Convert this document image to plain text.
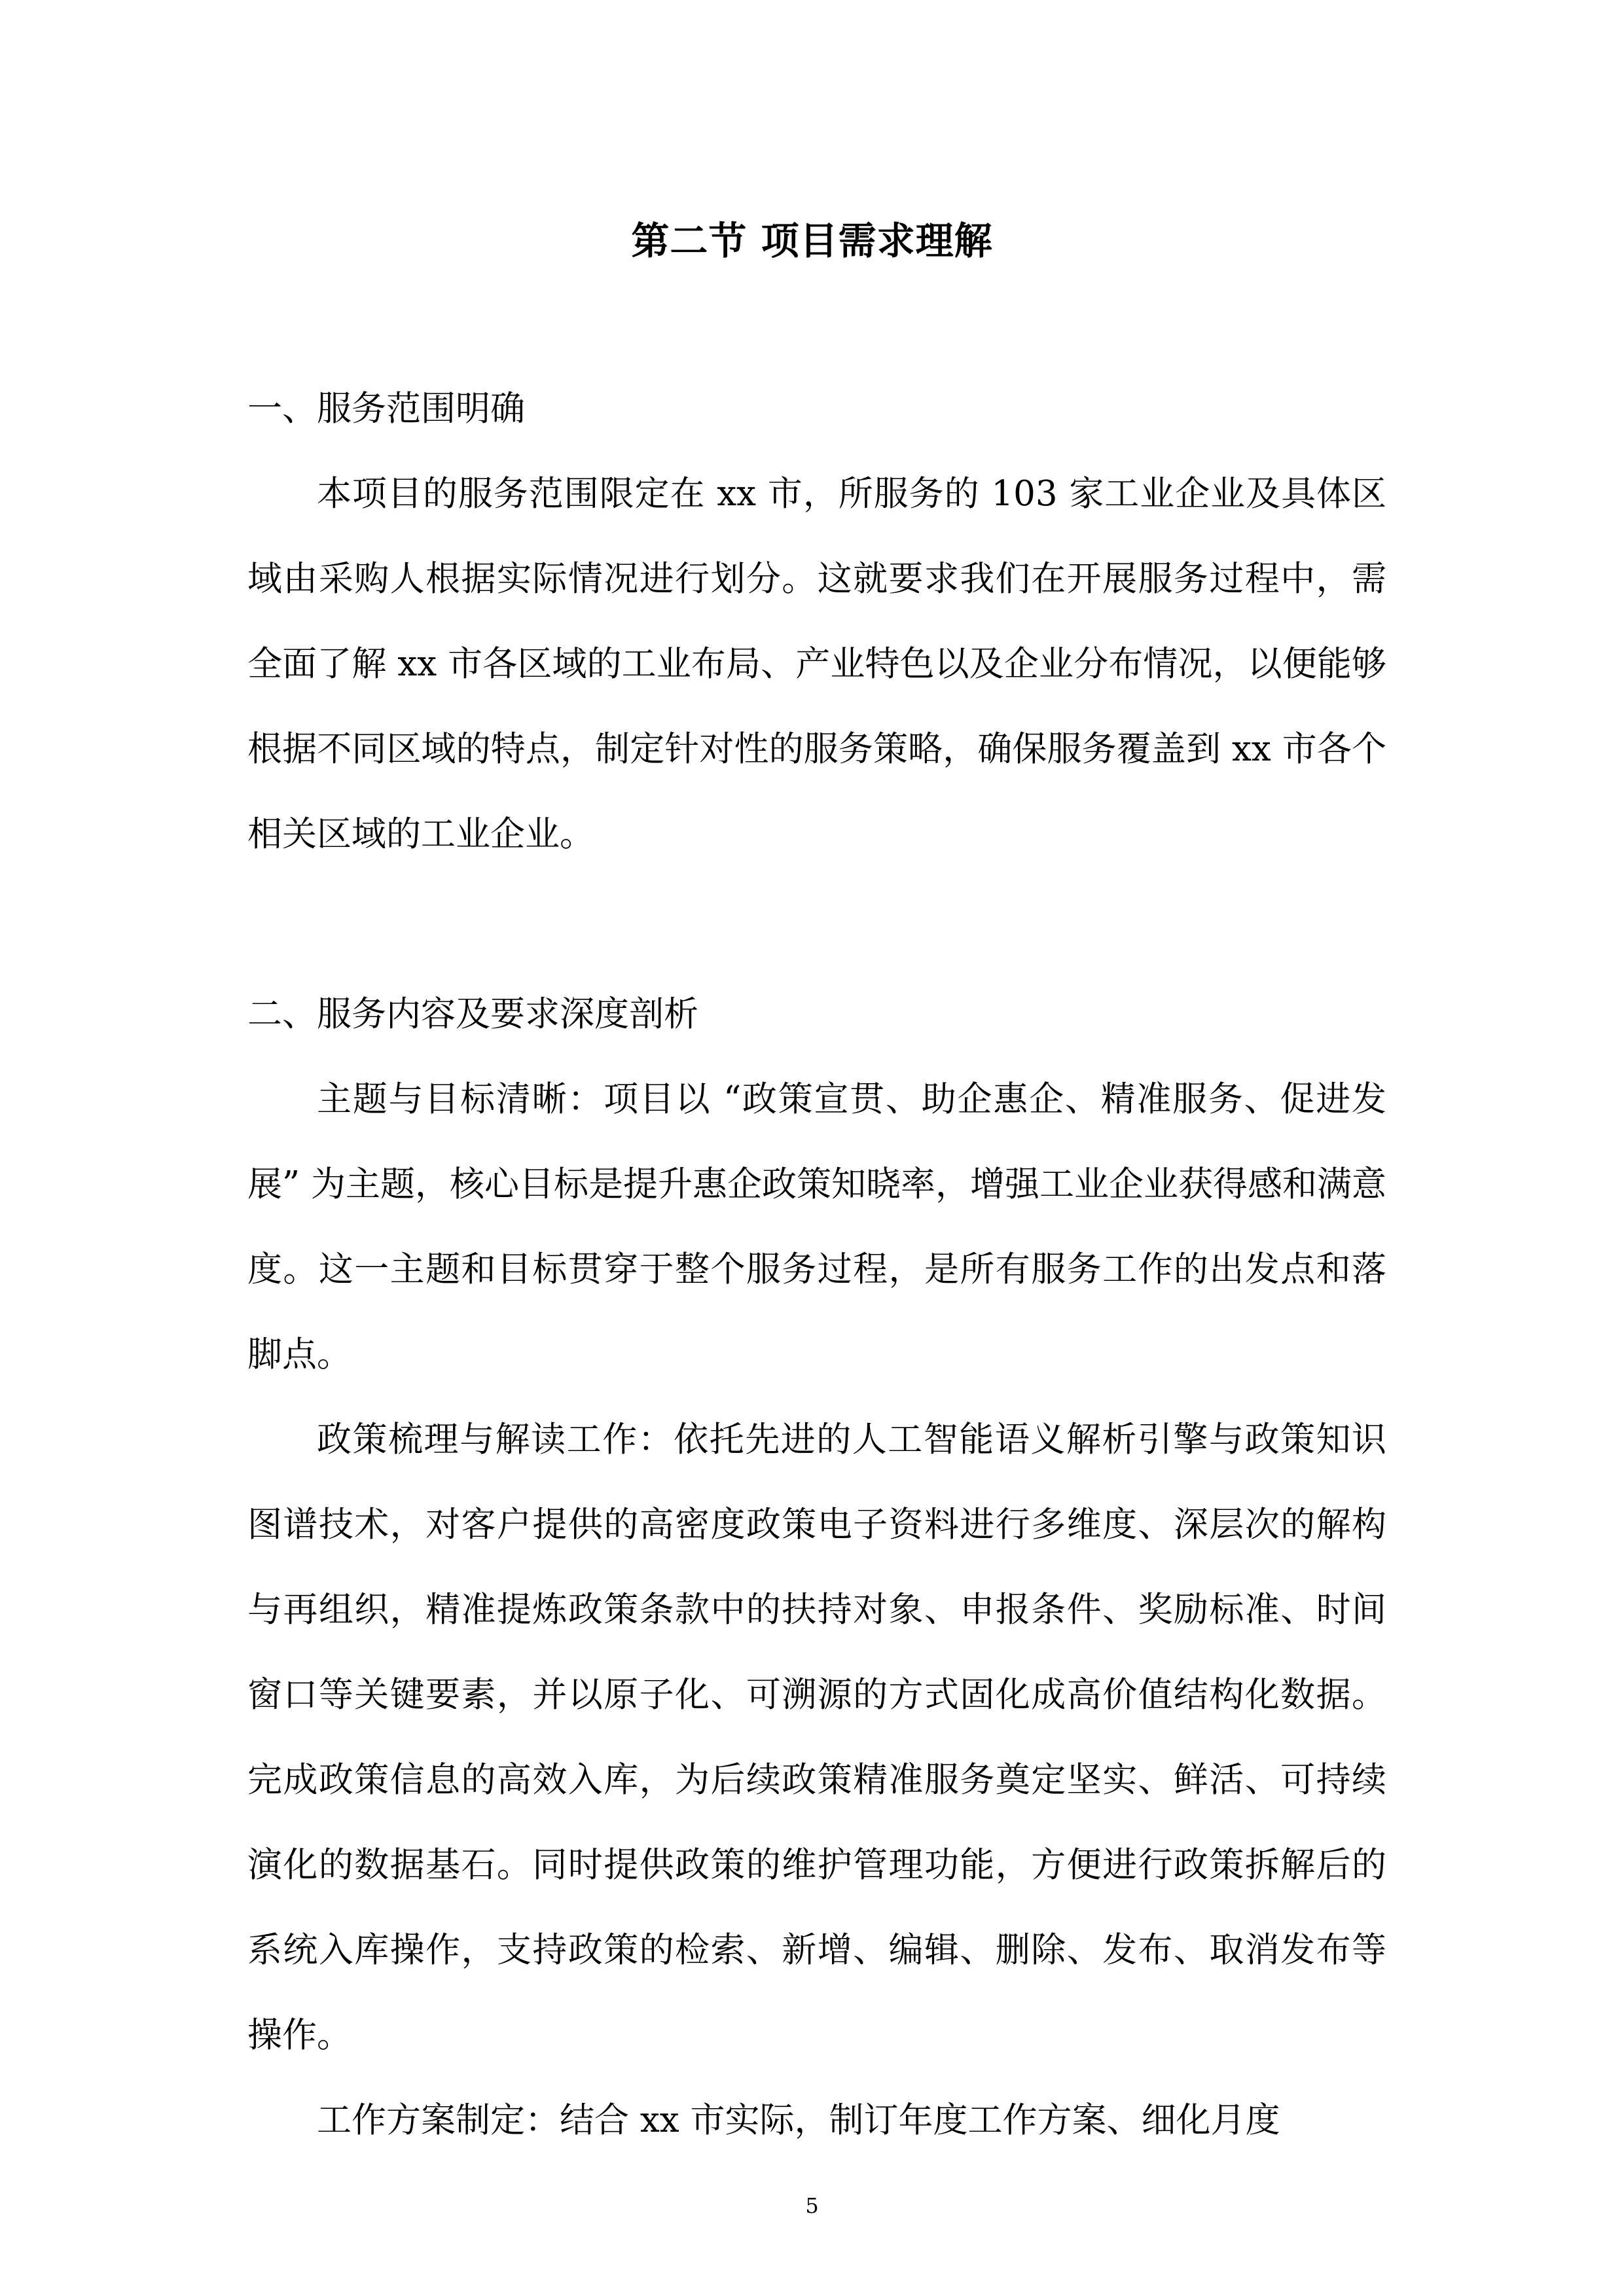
第二节 项目需求理解

一、服务范围明确

本项目的服务范围限定在 xx 市，所服务的 103 家工业企业及具体区域由采购人根据实际情况进行划分。这就要求我们在开展服务过程中，需全面了解 xx 市各区域的工业布局、产业特色以及企业分布情况，以便能够根据不同区域的特点，制定针对性的服务策略，确保服务覆盖到 xx 市各个相关区域的工业企业。

二、服务内容及要求深度剖析

主题与目标清晰：项目以 “政策宣贯、助企惠企、精准服务、促进发展” 为主题，核心目标是提升惠企政策知晓率，增强工业企业获得感和满意度。这一主题和目标贯穿于整个服务过程，是所有服务工作的出发点和落脚点。

政策梳理与解读工作：依托先进的人工智能语义解析引擎与政策知识图谱技术，对客户提供的高密度政策电子资料进行多维度、深层次的解构与再组织，精准提炼政策条款中的扶持对象、申报条件、奖励标准、时间窗口等关键要素，并以原子化、可溯源的方式固化成高价值结构化数据。完成政策信息的高效入库，为后续政策精准服务奠定坚实、鲜活、可持续演化的数据基石。同时提供政策的维护管理功能，方便进行政策拆解后的系统入库操作，支持政策的检索、新增、编辑、删除、发布、取消发布等操作。

工作方案制定：结合 xx 市实际，制订年度工作方案、细化月度

5
